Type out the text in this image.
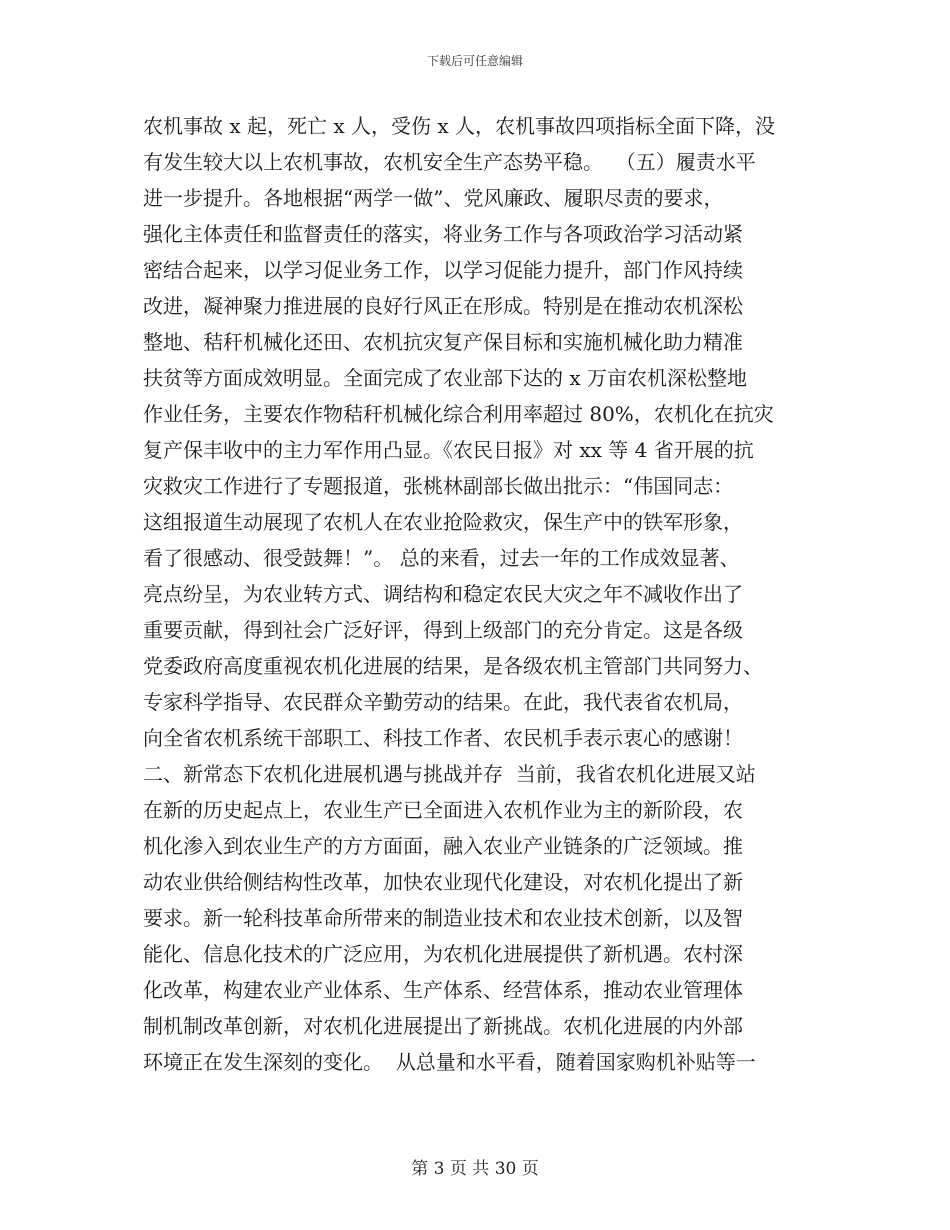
下载后可任意编辑
农机事故 x 起，死亡 x 人，受伤 x 人，农机事故四项指标全面下降，没
有发生较大以上农机事故，农机安全生产态势平稳。  （五）履责水平
进一步提升。各地根据“两学一做”、党风廉政、履职尽责的要求，
强化主体责任和监督责任的落实，将业务工作与各项政治学习活动紧
密结合起来，以学习促业务工作，以学习促能力提升，部门作风持续
改进，凝神聚力推进展的良好行风正在形成。特别是在推动农机深松
整地、秸秆机械化还田、农机抗灾复产保目标和实施机械化助力精准
扶贫等方面成效明显。全面完成了农业部下达的 x 万亩农机深松整地
作业任务，主要农作物秸秆机械化综合利用率超过 80%，农机化在抗灾
复产保丰收中的主力军作用凸显。《农民日报》对 xx 等 4 省开展的抗
灾救灾工作进行了专题报道，张桃林副部长做出批示：“伟国同志：
这组报道生动展现了农机人在农业抢险救灾，保生产中的铁军形象，
看了很感动、很受鼓舞！”。 总的来看，过去一年的工作成效显著、
亮点纷呈，为农业转方式、调结构和稳定农民大灾之年不减收作出了
重要贡献，得到社会广泛好评，得到上级部门的充分肯定。这是各级
党委政府高度重视农机化进展的结果，是各级农机主管部门共同努力、
专家科学指导、农民群众辛勤劳动的结果。在此，我代表省农机局，
向全省农机系统干部职工、科技工作者、农民机手表示衷心的感谢！
二、新常态下农机化进展机遇与挑战并存  当前，我省农机化进展又站
在新的历史起点上，农业生产已全面进入农机作业为主的新阶段，农
机化渗入到农业生产的方方面面，融入农业产业链条的广泛领域。推
动农业供给侧结构性改革，加快农业现代化建设，对农机化提出了新
要求。新一轮科技革命所带来的制造业技术和农业技术创新，以及智
能化、信息化技术的广泛应用，为农机化进展提供了新机遇。农村深
化改革，构建农业产业体系、生产体系、经营体系，推动农业管理体
制机制改革创新，对农机化进展提出了新挑战。农机化进展的内外部
环境正在发生深刻的变化。  从总量和水平看，随着国家购机补贴等一
第 3 页 共 30 页
